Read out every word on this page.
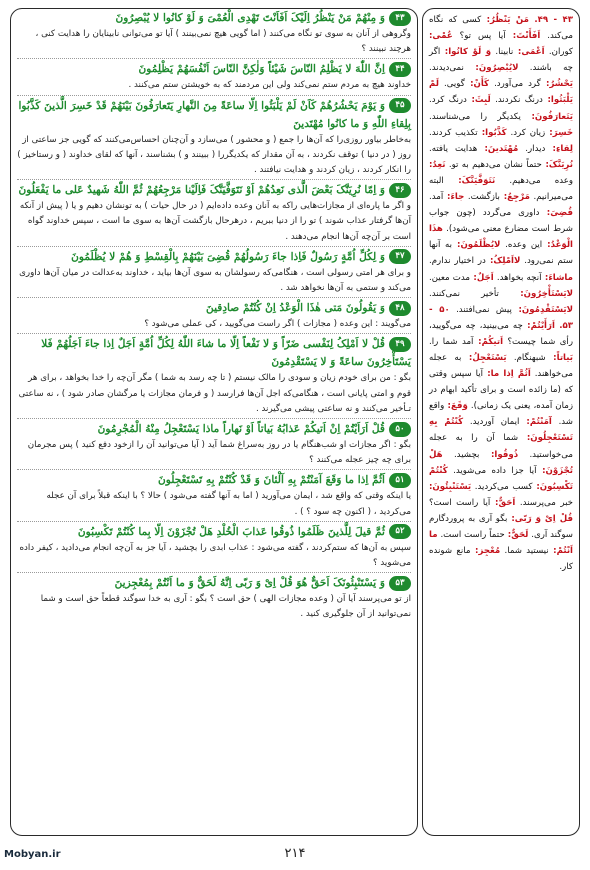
۴۳ - ۴۹. مَنْ یَنْظُرُ: کسی که نگاه می‌کند. اَفَأَنْتَ: آیا پس تو؟ عُمْی: کوران. اَعْمَی: نابینا. وَ لَوْ کانُوا: اگر چه باشند. لایُبْصِرُونَ: نمی‌دیدند. یَحْشُرُ: گرد می‌آورد. کَأَنْ: گویی. لَمْ یَلْبَثُوا: درنگ نکردند. لَبِثَ: درنگ کرد. یَتَعارَفُونَ: یکدیگر را می‌شناسند. خَسِرَ: زیان کرد. کَذَّبُوا: تکذیب کردند. لِقاءِ: دیدار. مُهْتَدینَ: هدایت یافته. نُرِیَنَّکَ: حتماً نشان می‌دهیم به تو. نَعِدُ: وعده می‌دهیم. نَتَوَفَّیَنَّکَ: البته می‌میرانیم. مَرْجِعُ: بازگشت. جاءَ: آمد. قُضِیَ: داوری می‌گردد (چون جواب شرط است مضارع معنی می‌شود). هذَا الْوَعْدُ: این وعده. لایُظْلَمُونَ: به آنها ستم نمی‌رود. لااَمْلِکُ: در اختیار ندارم. ماشاءَ: آنچه بخواهد. اَجَلٌ: مدت معین. لایَسْتَأْخِرُونَ: تأخیر نمی‌کنند. لایَسْتَقْدِمُونَ: پیش نمی‌افتند. ۵۰ - ۵۳. اَرَأَیْتُمْ: چه می‌بینید، چه می‌گویید، رأی شما چیست؟ اَتیکُمْ: آمد شما را. بَیاتاً: شبهنگام. یَسْتَعْجِلُ: به عجله می‌خواهند. اَثُمَّ اِذا ما: آیا سپس وقتی که (ما زائده است و برای تأکید ابهام در زمان آمده، یعنی یک زمانی). وَقَعَ: واقع شد. آمَنْتُمْ: ایمان آوردید. کُنْتُمْ بِهِ تَسْتَعْجِلُونَ: شما آن را به عجله می‌خواستید. ذُوقُوا: بچشید. هَلْ تُجْزَوْنَ: آیا جزا داده می‌شوید. کُنْتُمْ تَکْسِبُونَ: کسب می‌کردید. یَسْتَنْبِئُونَ: خبر می‌پرسند. اَحَقٌّ: آیا راست است؟ قُلْ اِیْ وَ رَبّی: بگو آری به پروردگارم سوگند آری. لَحَقٌّ: حتماً راست است. ما اَنْتُمْ: نیستید شما. مُعْجِز: مانع شونده کار.
۴۳وَ مِنْهُمْ مَنْ یَنْظُرُ اِلَیْکَ اَفَاَنْتَ تَهْدِی الْعُمْیَ وَ لَوْ کانُوا لا یُبْصِرُونَ
وگروهی از آنان به سوی تو نگاه می‌کنند ( اما گویی هیچ نمی‌بینند ) آیا تو می‌توانی نابینایان را هدایت کنی ، هرچند نبینند ؟
۴۴اِنَّ اللّٰهَ لا یَظْلِمُ النّاسَ شَیْئاً وَلٰکِنَّ النّاسَ اَنْفُسَهُمْ یَظْلِمُونَ
خداوند هیچ به مردم ستم نمی‌کند ولی این مردمند که به خویشتن ستم می‌کنند .
۴۵وَ یَوْمَ یَحْشُرُهُمْ کَاَنْ لَمْ یَلْبَثُوا اِلّا ساعَةً مِنَ النَّهارِ یَتَعارَفُونَ بَیْنَهُمْ قَدْ خَسِرَ الَّذینَ کَذَّبُوا بِلِقاءِ اللّٰهِ وَ ما کانُوا مُهْتَدینَ
به‌خاطر بیاور روزی‌را که آن‌ها را جمع ( و محشور ) می‌سازد و آن‌چنان احساس‌می‌کنند که گویی جز ساعتی از روز ( در دنیا ) توقف نکردند ، به آن مقدار که یکدیگررا ( ببینند و ) بشناسند ، آنها که لقای خداوند ( و رستاخیز ) را انکار کردند ، زیان کردند و هدایت نیافتند .
۴۶وَ اِمّا نُرِیَنَّکَ بَعْضَ الَّذی نَعِدُهُمْ اَوْ نَتَوَفَّیَنَّکَ فَاِلَیْنا مَرْجِعُهُمْ ثُمَّ اللّٰهُ شَهیدٌ عَلی ما یَفْعَلُونَ
و اگر ما پاره‌ای از مجازات‌هایی راکه به آنان وعده داده‌ایم ( در حال حیات ) به تونشان دهیم و یا ( پیش از آنکه آن‌ها گرفتار عذاب شوند ) تو را از دنیا ببریم ، درهرحال بازگشت آن‌ها به سوی ما است ، سپس خداوند گواه است بر آن‌چه آن‌ها انجام می‌دهند .
۴۷وَ لِکُلِّ اُمَّةٍ رَسُولٌ فَاِذا جاءَ رَسُولُهُمْ قُضِیَ بَیْنَهُمْ بِالْقِسْطِ وَ هُمْ لا یُظْلَمُونَ
و برای هر امتی رسولی است ، هنگامی‌که رسولشان به سوی آن‌ها بیاید ، خداوند به‌عدالت در میان آن‌ها داوری می‌کند و ستمی به آن‌ها نخواهد شد .
۴۸وَ یَقُولُونَ مَتی هٰذَا الْوَعْدُ اِنْ کُنْتُمْ صادِقینَ
می‌گویند : این وعده ( مجازات ) اگر راست می‌گویید ، کی عملی می‌شود ؟
۴۹قُلْ لا اَمْلِکُ لِنَفْسی ضَرّاً وَ لا نَفْعاً اِلّا ما شاءَ اللّٰهُ لِکُلِّ اُمَّةٍ اَجَلٌ اِذا جاءَ اَجَلُهُمْ فَلا یَسْتَأْخِرُونَ ساعَةً وَ لا یَسْتَقْدِمُونَ
بگو : من برای خودم زیان و سودی را مالک نیستم ( تا چه رسد به شما ) مگر آن‌چه را خدا بخواهد ، برای هر قوم و امتی پایانی است ، هنگامی‌که اجل آن‌ها فرارسد ( و فرمان مجازات یا مرگشان صادر‌ شود ) ، نه ساعتی تـأخیر می‌کنند و نه ساعتی پیشی می‌گیرند .
۵۰قُلْ اَرَاَیْتُمْ اِنْ اَتیکُمْ عَذابُهُ بَیاتاً اَوْ نَهاراً ماذا یَسْتَعْجِلُ مِنْهُ الْمُجْرِمُونَ
بگو : اگر مجازات او شب‌هنگام یا در روز به‌سراغ شما آید ( آیا می‌توانید آن را ازخود دفع کنید ) پس مجرمان برای چه چیز عجله می‌کنند ؟
۵۱اَثُمَّ اِذا ما وَقَعَ آمَنْتُمْ بِهِ آلْئانَ وَ قَدْ کُنْتُمْ بِهِ تَسْتَعْجِلُونَ
یا اینکه وقتی که واقع شد ، ایمان می‌آورید ( اما به‌ آنها گفته می‌شود ) حالا ؟ با اینکه قبلاً برای آن عجله می‌کردید ، ( اکنون چه سود ؟ ) .
۵۲ثُمَّ قیلَ لِلَّذینَ ظَلَمُوا ذُوقُوا عَذابَ الْخُلْدِ هَلْ تُجْزَوْنَ اِلّا بِما کُنْتُمْ تَکْسِبُونَ
سپس به آن‌ها که ستم‌کردند ، گفته می‌شود : عذاب ابدی را بچشید ، آیا جز به آن‌چه انجام می‌دادید ، کیفر داده می‌شوید ؟
۵۳وَ یَسْتَنْبِئُونَکَ اَحَقٌّ هُوَ قُلْ اِیْ وَ رَبّی اِنَّهُ لَحَقٌّ وَ ما اَنْتُمْ بِمُعْجِزینَ
از تو می‌پرسند آیا آن ( وعده مجازات الهی ) حق است ؟ بگو : آری به خدا سوگند قطعاً حق است و شما نمی‌توانید از آن جلوگیری کنید .
Mobyan.ir	۲۱۴
